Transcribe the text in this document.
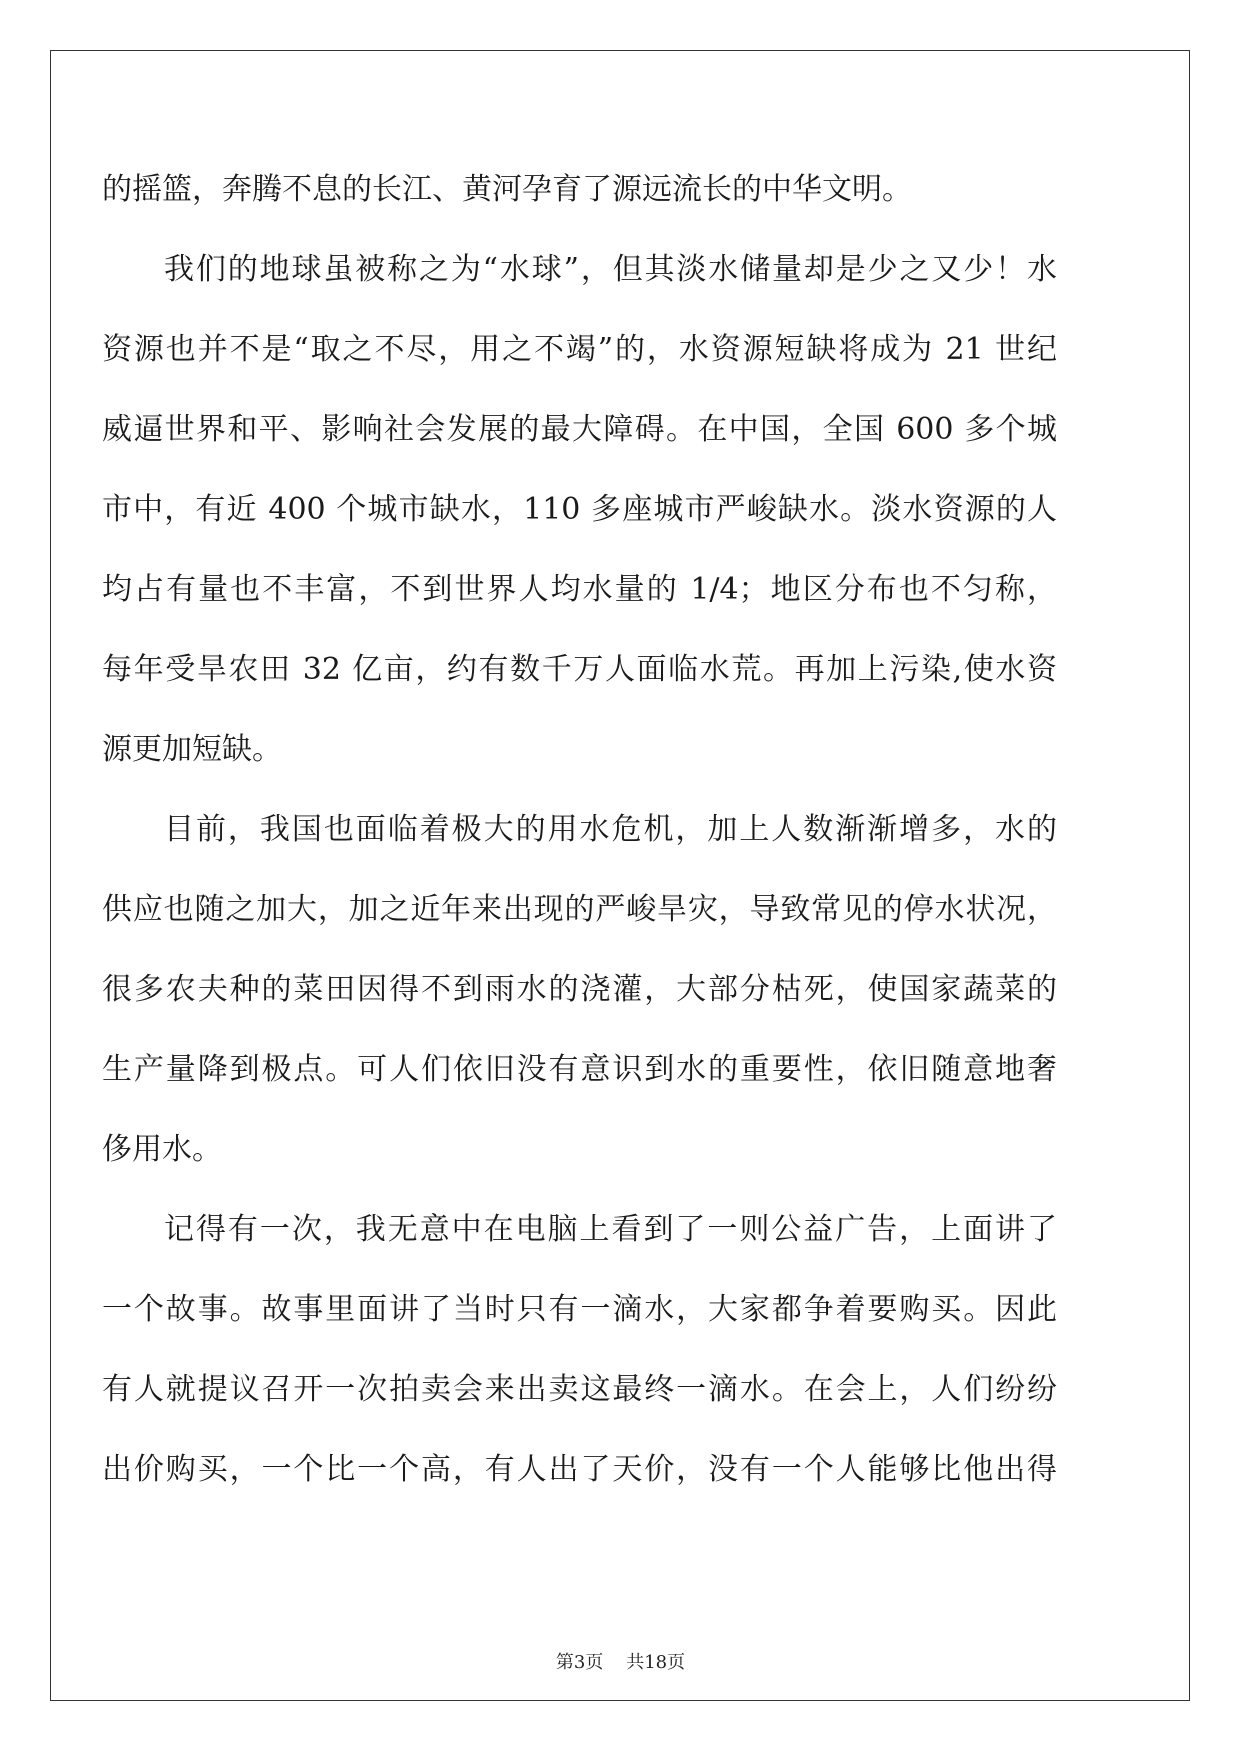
的摇篮，奔腾不息的长江、黄河孕育了源远流长的中华文明。
我们的地球虽被称之为“水球”，但其淡水储量却是少之又少！水
资源也并不是“取之不尽，用之不竭”的，水资源短缺将成为 21 世纪
威逼世界和平、影响社会发展的最大障碍。在中国，全国 600 多个城
市中，有近 400 个城市缺水，110 多座城市严峻缺水。淡水资源的人
均占有量也不丰富，不到世界人均水量的 1/4；地区分布也不匀称，
每年受旱农田 32 亿亩，约有数千万人面临水荒。再加上污染,使水资
源更加短缺。
目前，我国也面临着极大的用水危机，加上人数渐渐增多，水的
供应也随之加大，加之近年来出现的严峻旱灾，导致常见的停水状况，
很多农夫种的菜田因得不到雨水的浇灌，大部分枯死，使国家蔬菜的
生产量降到极点。可人们依旧没有意识到水的重要性，依旧随意地奢
侈用水。
记得有一次，我无意中在电脑上看到了一则公益广告，上面讲了
一个故事。故事里面讲了当时只有一滴水，大家都争着要购买。因此
有人就提议召开一次拍卖会来出卖这最终一滴水。在会上，人们纷纷
出价购买，一个比一个高，有人出了天价，没有一个人能够比他出得
第3页 共18页
